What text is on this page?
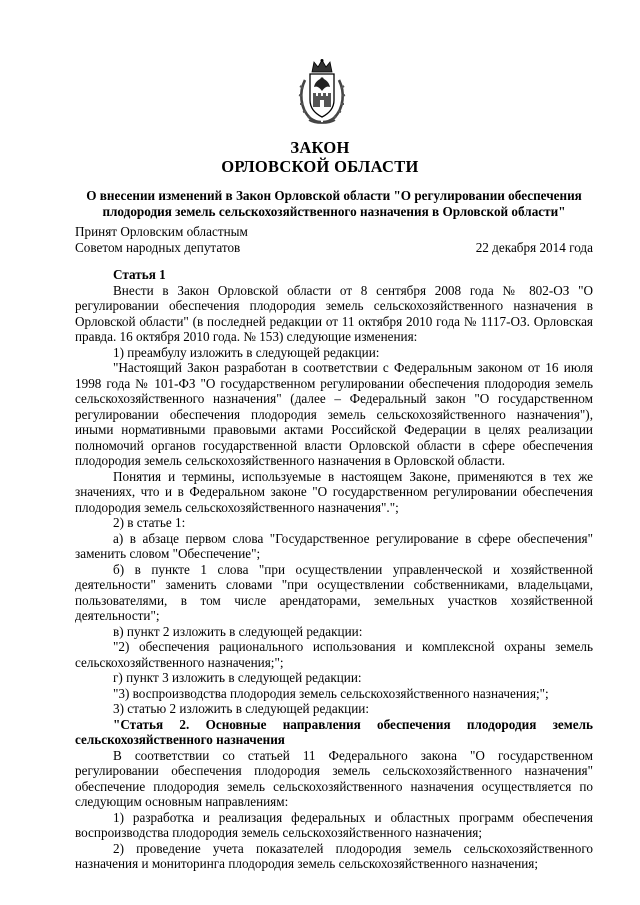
ЗАКОН

ОРЛОВСКОЙ ОБЛАСТИ

О внесении изменений в Закон Орловской области "О регулировании обеспечения
плодородия земель сельскохозяйственного назначения в Орловской области"
Принят Орловским областным
Советом народных депутатов	22 декабря 2014 года

Статья 1

Внести в Закон Орловской области от 8 сентября 2008 года № 802-ОЗ "О регулировании обеспечения плодородия земель сельскохозяйственного назначения в Орловской области" (в последней редакции от 11 октября 2010 года № 1117-ОЗ. Орловская правда. 16 октября 2010 года. № 153) следующие изменения:

1) преамбулу изложить в следующей редакции:

"Настоящий Закон разработан в соответствии с Федеральным законом от 16 июля 1998 года № 101-ФЗ "О государственном регулировании обеспечения плодородия земель сельскохозяйственного назначения" (далее – Федеральный закон "О государственном регулировании обеспечения плодородия земель сельскохозяйственного назначения"), иными нормативными правовыми актами Российской Федерации в целях реализации полномочий органов государственной власти Орловской области в сфере обеспечения плодородия земель сельскохозяйственного назначения в Орловской области.

Понятия и термины, используемые в настоящем Законе, применяются в тех же значениях, что и в Федеральном законе "О государственном регулировании обеспечения плодородия земель сельскохозяйственного назначения".";

2) в статье 1:

а) в абзаце первом слова "Государственное регулирование в сфере обеспечения" заменить словом "Обеспечение";

б) в пункте 1 слова "при осуществлении управленческой и хозяйственной деятельности" заменить словами "при осуществлении собственниками, владельцами, пользователями, в том числе арендаторами, земельных участков хозяйственной деятельности";

в) пункт 2 изложить в следующей редакции:

"2) обеспечения рационального использования и комплексной охраны земель сельскохозяйственного назначения;";

г) пункт 3 изложить в следующей редакции:

"3) воспроизводства плодородия земель сельскохозяйственного назначения;";

3) статью 2 изложить в следующей редакции:

"Статья 2. Основные направления обеспечения плодородия земель сельскохозяйственного назначения

В соответствии со статьей 11 Федерального закона "О государственном регулировании обеспечения плодородия земель сельскохозяйственного назначения" обеспечение плодородия земель сельскохозяйственного назначения осуществляется по следующим основным направлениям:

1) разработка и реализация федеральных и областных программ обеспечения воспроизводства плодородия земель сельскохозяйственного назначения;

2) проведение учета показателей плодородия земель сельскохозяйственного назначения и мониторинга плодородия земель сельскохозяйственного назначения;
